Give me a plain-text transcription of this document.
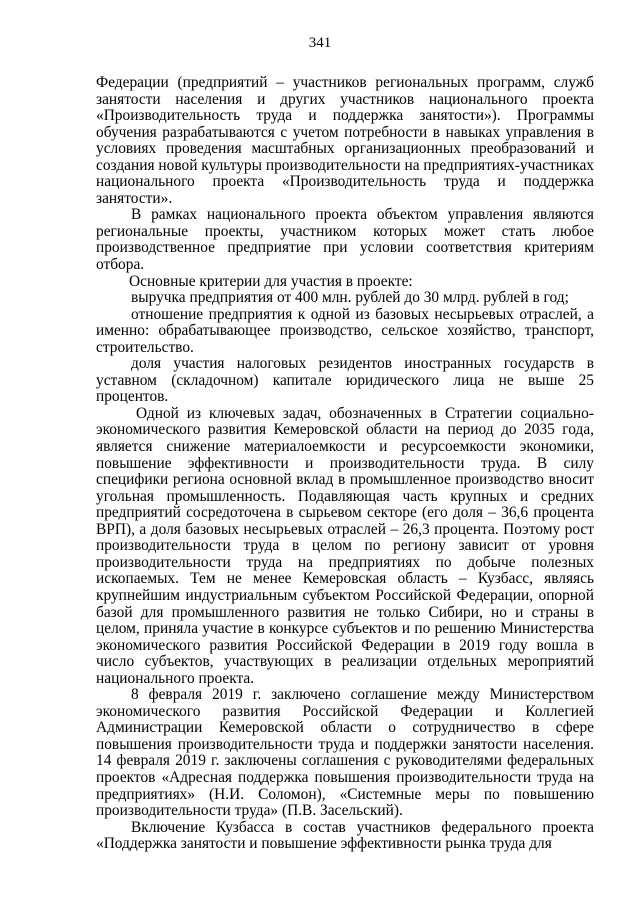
341

Федерации (предприятий – участников региональных программ, служб занятости населения и других участников национального проекта «Производительность труда и поддержка занятости»). Программы обучения разрабатываются с учетом потребности в навыках управления в условиях проведения масштабных организационных преобразований и создания новой культуры производительности на предприятиях-участниках национального проекта «Производительность труда и поддержка занятости».

В рамках национального проекта объектом управления являются региональные проекты, участником которых может стать любое производственное предприятие при условии соответствия критериям отбора.

Основные критерии для участия в проекте:

выручка предприятия от 400 млн. рублей до 30 млрд. рублей в год;

отношение предприятия к одной из базовых несырьевых отраслей, а именно: обрабатывающее производство, сельское хозяйство, транспорт, строительство.

доля участия налоговых резидентов иностранных государств в уставном (складочном) капитале юридического лица не выше 25 процентов.

Одной из ключевых задач, обозначенных в Стратегии социально-экономического развития Кемеровской области на период до 2035 года, является снижение материалоемкости и ресурсоемкости экономики, повышение эффективности и производительности труда. В силу специфики региона основной вклад в промышленное производство вносит угольная промышленность. Подавляющая часть крупных и средних предприятий сосредоточена в сырьевом секторе (его доля – 36,6 процента ВРП), а доля базовых несырьевых отраслей – 26,3 процента. Поэтому рост производительности труда в целом по региону зависит от уровня производительности труда на предприятиях по добыче полезных ископаемых. Тем не менее Кемеровская область – Кузбасс, являясь крупнейшим индустриальным субъектом Российской Федерации, опорной базой для промышленного развития не только Сибири, но и страны в целом, приняла участие в конкурсе субъектов и по решению Министерства экономического развития Российской Федерации в 2019 году вошла в число субъектов, участвующих в реализации отдельных мероприятий национального проекта.

8 февраля 2019 г. заключено соглашение между Министерством экономического развития Российской Федерации и Коллегией Администрации Кемеровской области о сотрудничество в сфере повышения производительности труда и поддержки занятости населения. 14 февраля 2019 г. заключены соглашения с руководителями федеральных проектов «Адресная поддержка повышения производительности труда на предприятиях» (Н.И. Соломон), «Системные меры по повышению производительности труда» (П.В. Засельский).

Включение Кузбасса в состав участников федерального проекта «Поддержка занятости и повышение эффективности рынка труда для
